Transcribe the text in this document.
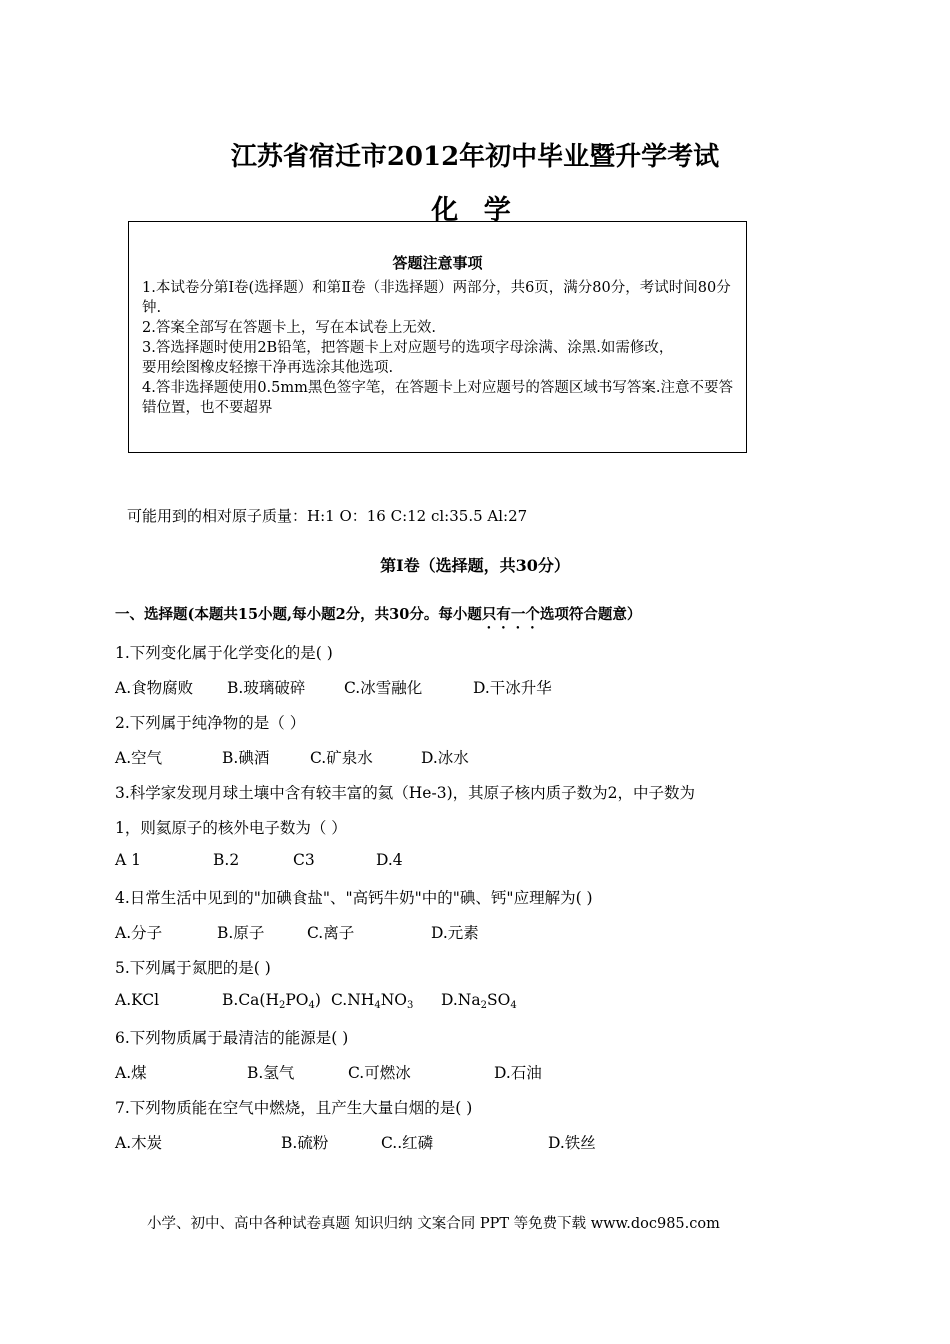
江苏省宿迁市2012年初中毕业暨升学考试
化 学
答题注意事项

1.本试卷分第Ⅰ卷(选择题）和第Ⅱ卷（非选择题）两部分，共6页，满分80分，考试时间80分钟.

2.答案全部写在答题卡上，写在本试卷上无效.

3.答选择题时使用2B铅笔，把答题卡上对应题号的选项字母涂满、涂黑.如需修改，

要用绘图橡皮轻擦干净再选涂其他选项.

4.答非选择题使用0.5mm黑色签字笔，在答题卡上对应题号的答题区域书写答案.注意不要答错位置，也不要超界

可能用到的相对原子质量：H:1 O：16 C:12 cl:35.5 Al:27
第Ⅰ卷（选择题，共30分）
一、选择题(本题共15小题,每小题2分，共30分。每小题只有一个选项符合题意）
1.下列变化属于化学变化的是( )
A.食物腐败 B.玻璃破碎 C.冰雪融化	D.干冰升华
2.下列属于纯净物的是（ ）
A.空气	B.碘酒	C.矿泉水	D.冰水
3.科学家发现月球土壤中含有较丰富的氦（He-3)，其原子核内质子数为2，中子数为
1，则氦原子的核外电子数为（ ）
A 1	B.2	C3	D.4
4.日常生活中见到的"加碘食盐"、"高钙牛奶"中的"碘、钙"应理解为( )
A.分子	B.原子	C.离子	D.元素
5.下列属于氮肥的是( )
A.KCl	$B.Ca(H_2PO_4)$ $C.NH_4NO_3$ $D.Na_2SO_4$
6.下列物质属于最清洁的能源是( )
A.煤	B.氢气	C.可燃冰	D.石油
7.下列物质能在空气中燃烧，且产生大量白烟的是( )
A.木炭	B.硫粉	C..红磷	D.铁丝
小学、初中、高中各种试卷真题 知识归纳 文案合同 PPT 等免费下载 www.doc985.com
